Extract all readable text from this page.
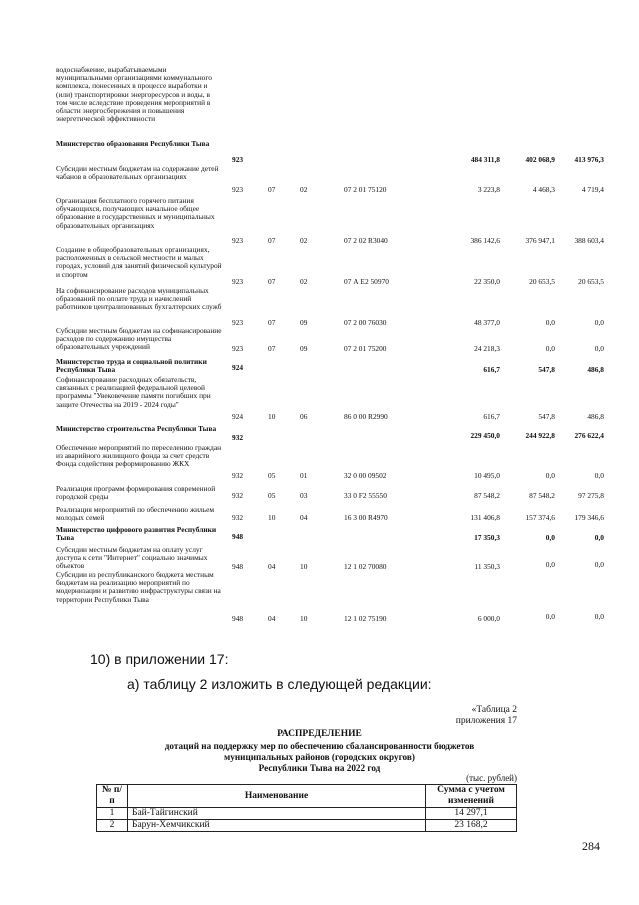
водоснабжение, вырабатываемыми муниципальными организациями коммунального комплекса, понесенных в процессе выработки и (или) транспортировки энергоресурсов и воды, в том числе вследствие проведения мероприятий в области энергосбережения и повышения энергетической эффективности
Министерство образования Республики Тыва
923	484 311,8	402 068,9	413 976,3
Субсидии местным бюджетам на содержание детей чабанов в образовательных организациях
923	07	02	07 2 01 75120	3 223,8	4 468,3	4 719,4
Организация бесплатного горячего питания обучающихся, получающих начальное общее образование в государственных и муниципальных образовательных организациях
923	07	02	07 2 02 R3040	386 142,6	376 947,1	388 603,4
Создание в общеобразовательных организациях, расположенных в сельской местности и малых городах, условий для занятий физической культурой и спортом
923	07	02	07 А Е2 50970	22 350,0	20 653,5	20 653,5
На софинансирование расходов муниципальных образований по оплате труда и начислений работников централизованных бухгалтерских служб
923	07	09	07 2 00 76030	48 377,0	0,0	0,0
Субсидии местным бюджетам на софинансирование расходов по содержанию имущества образовательных учреждений	923	07	09	07 2 01 75200	24 218,3	0,0	0,0
Министерство труда и социальной политики Республики Тыва	924	616,7	547,8	486,8
Софинансирование расходных обязательств, связанных с реализацией федеральной целевой программы "Увековечение памяти погибших при защите Отечества на 2019 - 2024 годы"
924	10	06	86 0 00 R2990	616,7	547,8	486,8
Министерство строительства Республики Тыва
932	229 450,0	244 922,8	276 622,4
Обеспечение мероприятий по переселению граждан из аварийного жилищного фонда за счет средств Фонда содействия реформированию ЖКХ
932	05	01	32 0 00 09502	10 495,0	0,0	0,0
Реализация программ формирования современной городской среды	932	05	03	33 0 F2 55550	87 548,2	87 548,2	97 275,8
Реализация мероприятий по обеспечению жильем молодых семей	932	10	04	16 3 00 R4970	131 406,8	157 374,6	179 346,6
Министерство цифрового развития Республики Тыва	948	17 350,3	0,0	0,0
Субсидии местным бюджетам на оплату услуг доступа к сети "Интернет" социально значимых объектов	948	04	10	12 1 02 70080	11 350,3	0,0	0,0
Субсидии из республиканского бюджета местным бюджетам на реализацию мероприятий по модернизации и развитию инфраструктуры связи на территории Республики Тыва
948	04	10	12 1 02 75190	6 000,0	0,0	0,0
10) в приложении 17:
а) таблицу 2 изложить в следующей редакции:
«Таблица 2
приложения 17
РАСПРЕДЕЛЕНИЕ
дотаций на поддержку мер по обеспечению сбалансированности бюджетов
муниципальных районов (городских округов)
Республики Тыва на 2022 год
(тыс. рублей)
№ п/п	Наименование	Сумма с учетом изменений
1	Бай-Тайгинский	14 297,1
2	Барун-Хемчикский	23 168,2
284
